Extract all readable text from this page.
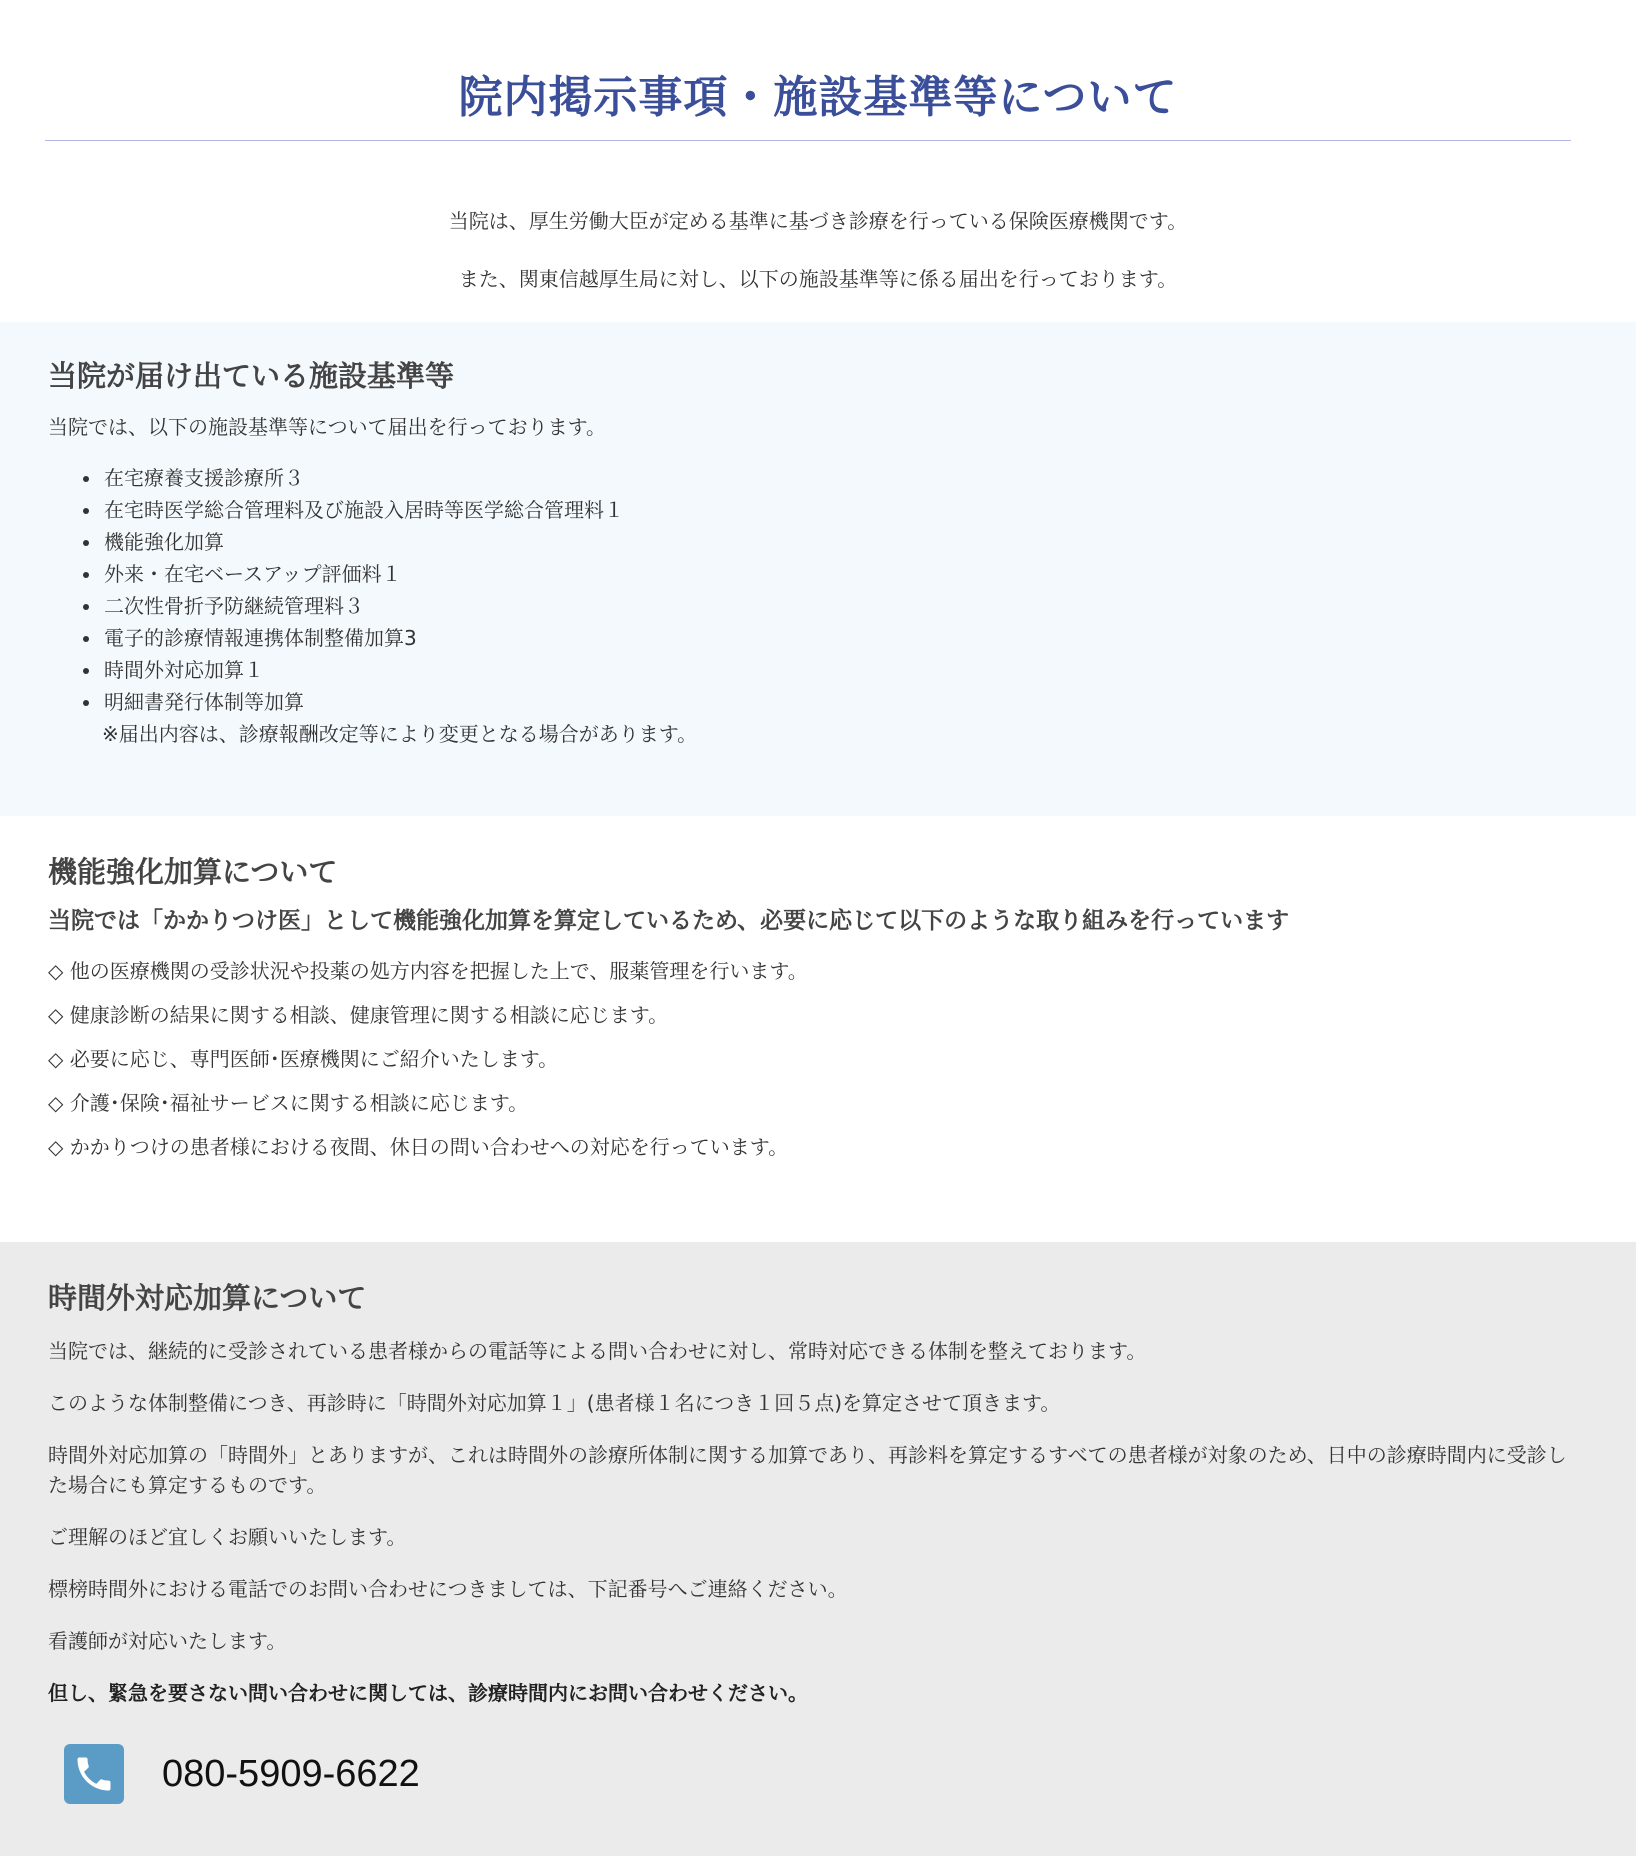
院内掲示事項・施設基準等について

当院は、厚生労働大臣が定める基準に基づき診療を行っている保険医療機関です。

また、関東信越厚生局に対し、以下の施設基準等に係る届出を行っております。

当院が届け出ている施設基準等

当院では、以下の施設基準等について届出を行っております。

• 在宅療養支援診療所３
• 在宅時医学総合管理料及び施設入居時等医学総合管理料１
• 機能強化加算
• 外来・在宅ベースアップ評価料１
• 二次性骨折予防継続管理料３
• 電子的診療情報連携体制整備加算3
• 時間外対応加算１
• 明細書発行体制等加算
※届出内容は、診療報酬改定等により変更となる場合があります。
機能強化加算について

当院では「かかりつけ医」として機能強化加算を算定しているため、必要に応じて以下のような取り組みを行っています

◇ 他の医療機関の受診状況や投薬の処方内容を把握した上で、服薬管理を行います。
◇ 健康診断の結果に関する相談、健康管理に関する相談に応じます。
◇ 必要に応じ、専門医師･医療機関にご紹介いたします。
◇ 介護･保険･福祉サービスに関する相談に応じます。
◇ かかりつけの患者様における夜間、休日の問い合わせへの対応を行っています。
時間外対応加算について

当院では、継続的に受診されている患者様からの電話等による問い合わせに対し、常時対応できる体制を整えております。

このような体制整備につき、再診時に「時間外対応加算１」(患者様１名につき１回５点)を算定させて頂きます。

時間外対応加算の「時間外」とありますが、これは時間外の診療所体制に関する加算であり、再診料を算定するすべての患者様が対象のため、日中の診療時間内に受診した場合にも算定するものです。

ご理解のほど宜しくお願いいたします。

標榜時間外における電話でのお問い合わせにつきましては、下記番号へご連絡ください。

看護師が対応いたします。

但し、緊急を要さない問い合わせに関しては、診療時間内にお問い合わせください。

080-5909-6622
